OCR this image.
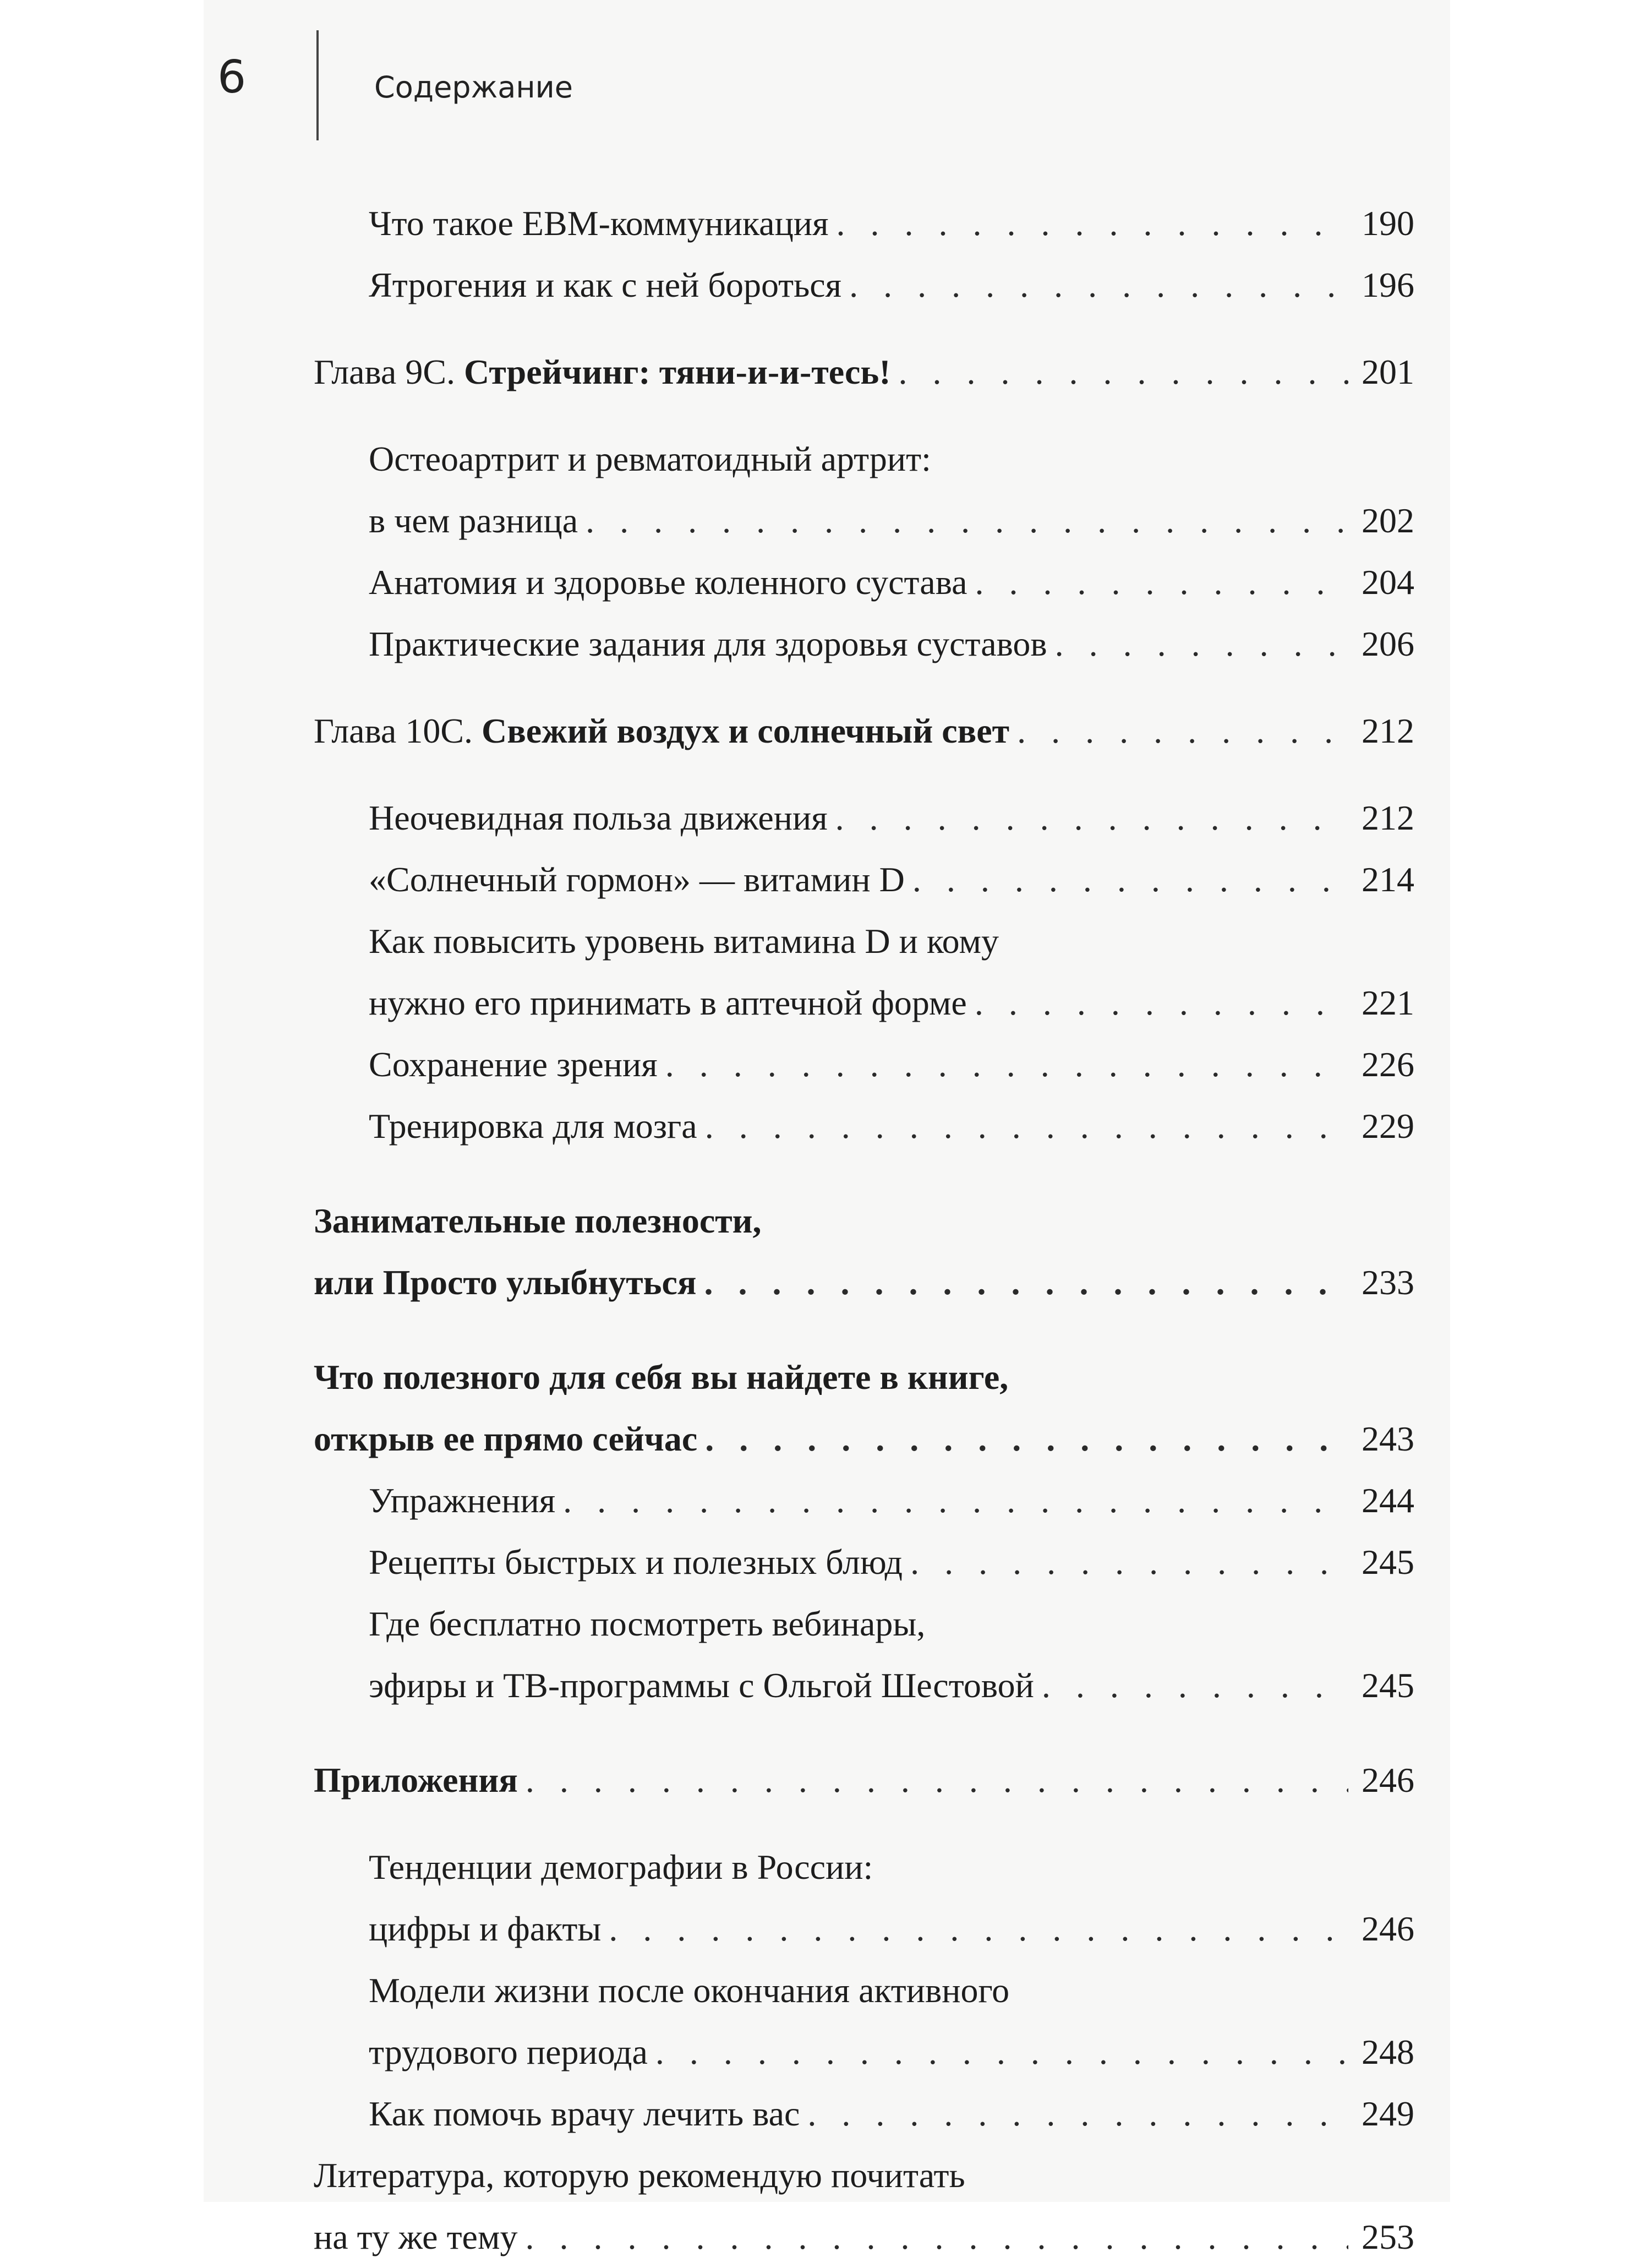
6	Содержание
Что такое EBM-коммуникация . . .	190
Ятрогения и как с ней бороться . . .	196
Глава 9С. Стрейчинг: тяни-и-и-тесь! . . .	201
Остеоартрит и ревматоидный артрит:
в чем разница . . .	202
Анатомия и здоровье коленного сустава . . .	204
Практические задания для здоровья суставов . . .	206
Глава 10С. Свежий воздух и солнечный свет . . .	212
Неочевидная польза движения . . .	212
«Солнечный гормон» — витамин D . . .	214
Как повысить уровень витамина D и кому
нужно его принимать в аптечной форме . . .	221
Сохранение зрения . . .	226
Тренировка для мозга . . .	229
Занимательные полезности,
или Просто улыбнуться . . .	233
Что полезного для себя вы найдете в книге,
открыв ее прямо сейчас . . .	243
Упражнения . . .	244
Рецепты быстрых и полезных блюд . . .	245
Где бесплатно посмотреть вебинары,
эфиры и ТВ-программы с Ольгой Шестовой . . .	245
Приложения . . .	246
Тенденции демографии в России:
цифры и факты . . .	246
Модели жизни после окончания активного
трудового периода . . .	248
Как помочь врачу лечить вас . . .	249
Литература, которую рекомендую почитать
на ту же тему . . .	253
